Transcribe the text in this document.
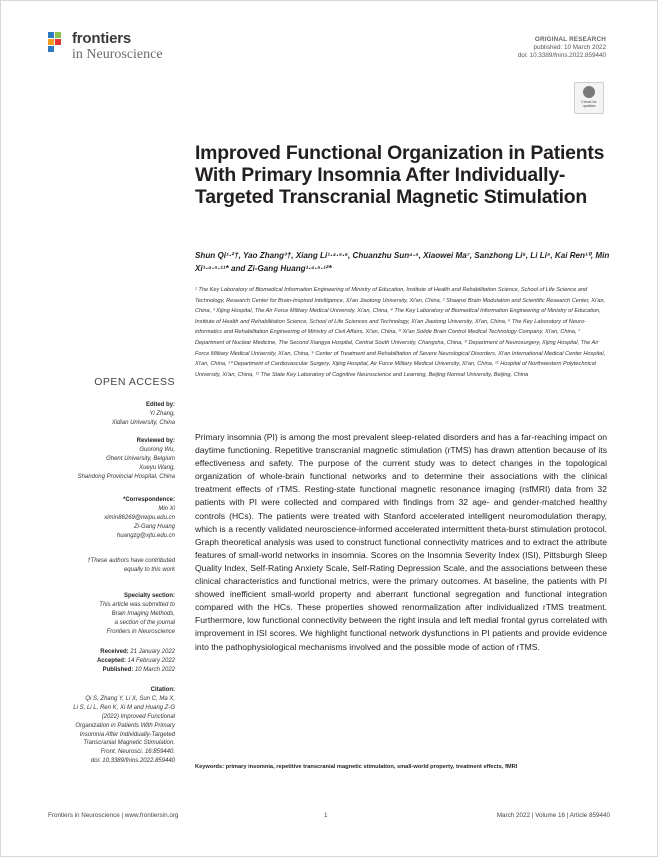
frontiers
in Neuroscience
ORIGINAL RESEARCH
published: 10 March 2022
doi: 10.3389/fnins.2022.859440
Check for
updates
Improved Functional Organization in Patients With Primary Insomnia After Individually-Targeted Transcranial Magnetic Stimulation
Shun Qi¹·²†, Yao Zhang³†, Xiang Li¹·⁴·⁵·⁶, Chuanzhu Sun⁴·⁵, Xiaowei Ma⁷, Sanzhong Li⁸, Li Li⁹, Kai Ren¹⁰, Min Xi¹·⁴·⁵·¹¹* and Zi-Gang Huang¹·⁴·⁵·¹²*
¹ The Key Laboratory of Biomedical Information Engineering of Ministry of Education, Institute of Health and Rehabilitation Science, School of Life Science and Technology, Research Center for Brain-Inspired Intelligence, Xi'an Jiaotong University, Xi'an, China, ² Shaanxi Brain Modulation and Scientific Research Center, Xi'an, China, ³ Xijing Hospital, The Air Force Military Medical University, Xi'an, China, ⁴ The Key Laboratory of Biomedical Information Engineering of Ministry of Education, Institute of Health and Rehabilitation Science, School of Life Sciences and Technology, Xi'an Jiaotong University, Xi'an, China, ⁵ The Key Laboratory of Neuro-informatics and Rehabilitation Engineering of Ministry of Civil Affairs, Xi'an, China, ⁶ Xi'an Solide Brain Control Medical Technology Company, Xi'an, China, ⁷ Department of Nuclear Medicine, The Second Xiangya Hospital, Central South University, Changsha, China, ⁸ Department of Neurosurgery, Xijing Hospital, The Air Force Military Medical University, Xi'an, China, ⁹ Center of Treatment and Rehabilitation of Severe Neurological Disorders, Xi'an International Medical Center Hospital, Xi'an, China, ¹⁰ Department of Cardiovascular Surgery, Xijing Hospital, Air Force Military Medical University, Xi'an, China, ¹¹ Hospital of Northwestern Polytechnical University, Xi'an, China, ¹² The State Key Laboratory of Cognitive Neuroscience and Learning, Beijing Normal University, Beijing, China
OPEN ACCESS
Edited by:
Yi Zhang,
Xidian University, China
Reviewed by:
Guorong Wu,
Ghent University, Belgium
Xueyu Wang,
Shandong Provincial Hospital, China
*Correspondence:
Min Xi
ximin86269@nwpu.edu.cn
Zi-Gang Huang
huangzg@xjtu.edu.cn
†These authors have contributed
equally to this work
Specialty section:
This article was submitted to
Brain Imaging Methods,
a section of the journal
Frontiers in Neuroscience
Received: 21 January 2022
Accepted: 14 February 2022
Published: 10 March 2022
Citation:
Qi S, Zhang Y, Li X, Sun C, Ma X,
Li S, Li L, Ren K, Xi M and Huang Z-G
(2022) Improved Functional
Organization in Patients With Primary
Insomnia After Individually-Targeted
Transcranial Magnetic Stimulation.
Front. Neurosci. 16:859440.
doi: 10.3389/fnins.2022.859440
Primary insomnia (PI) is among the most prevalent sleep-related disorders and has a far-reaching impact on daytime functioning. Repetitive transcranial magnetic stimulation (rTMS) has drawn attention because of its effectiveness and safety. The purpose of the current study was to detect changes in the topological organization of whole-brain functional networks and to determine their associations with the clinical treatment effects of rTMS. Resting-state functional magnetic resonance imaging (rsfMRI) data from 32 patients with PI were collected and compared with findings from 32 age- and gender-matched healthy controls (HCs). The patients were treated with Stanford accelerated intelligent neuromodulation therapy, which is a recently validated neuroscience-informed accelerated intermittent theta-burst stimulation protocol. Graph theoretical analysis was used to construct functional connectivity matrices and to extract the attribute features of small-world networks in insomnia. Scores on the Insomnia Severity Index (ISI), Pittsburgh Sleep Quality Index, Self-Rating Anxiety Scale, Self-Rating Depression Scale, and the associations between these clinical characteristics and functional metrics, were the primary outcomes. At baseline, the patients with PI showed inefficient small-world property and aberrant functional segregation and functional integration compared with the HCs. These properties showed renormalization after individualized rTMS treatment. Furthermore, low functional connectivity between the right insula and left medial frontal gyrus correlated with improvement in ISI scores. We highlight functional network dysfunctions in PI patients and provide evidence into the pathophysiological mechanisms involved and the possible mode of action of rTMS.
Keywords: primary insomnia, repetitive transcranial magnetic stimulation, small-world property, treatment effects, fMRI
Frontiers in Neuroscience | www.frontiersin.org	1	March 2022 | Volume 16 | Article 859440
